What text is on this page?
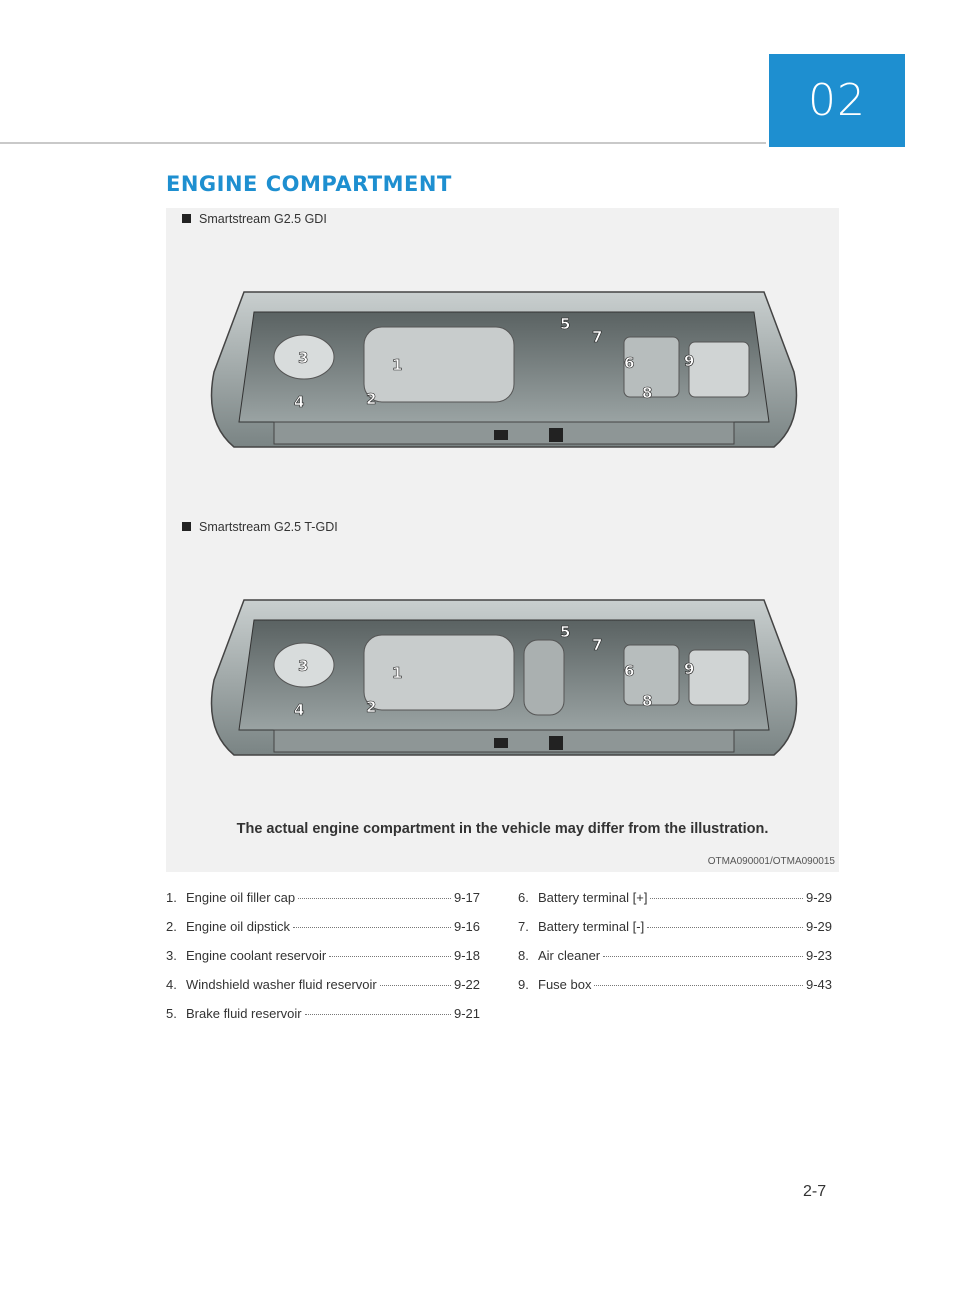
02
ENGINE COMPARTMENT
Smartstream G2.5 GDI
3	1
2
4
5
7
6	9
8
Smartstream G2.5 T-GDI
3	1
2
4
5
7
6	9
8
The actual engine compartment in the vehicle may differ from the illustration.
OTMA090001/OTMA090015
1. Engine oil filler cap	9-17
2. Engine oil dipstick	9-16
3. Engine coolant reservoir	9-18
4. Windshield washer fluid reservoir	9-22
5. Brake fluid reservoir	9-21
6. Battery terminal [+]	9-29
7. Battery terminal [-]	9-29
8. Air cleaner	9-23
9. Fuse box	9-43
2-7
